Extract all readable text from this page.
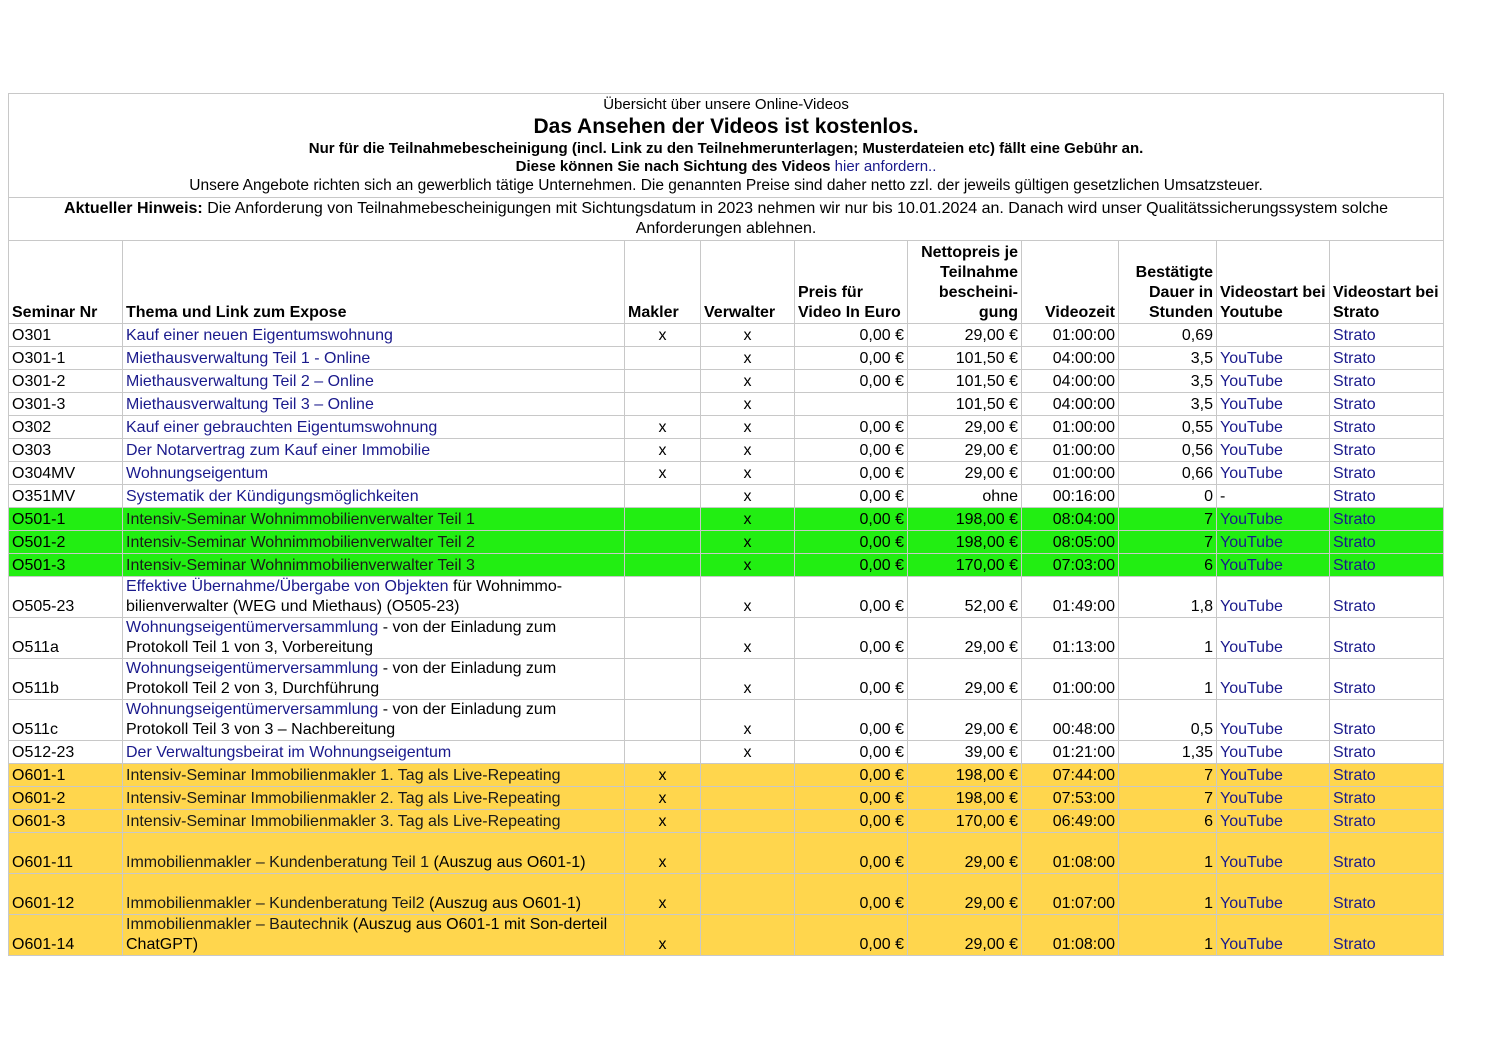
Übersicht über unsere Online-Videos
Das Ansehen der Videos ist kostenlos.
Nur für die Teilnahmebescheinigung (incl. Link zu den Teilnehmerunterlagen; Musterdateien etc) fällt eine Gebühr an.
Diese können Sie nach Sichtung des Videos hier anfordern..
Unsere Angebote richten sich an gewerblich tätige Unternehmen. Die genannten Preise sind daher netto zzl. der jeweils gültigen gesetzlichen Umsatzsteuer.									

Aktueller Hinweis: Die Anforderung von Teilnahmebescheinigungen mit Sichtungsdatum in 2023 nehmen wir nur bis 10.01.2024 an. Danach wird unser Qualitätssicherungssystem solche Anforderungen ablehnen.									
Seminar Nr	Thema und Link zum Expose	Makler	Verwalter	Preis für Video In Euro	Nettopreis je Teilnahme bescheini-gung	Videozeit	Bestätigte Dauer in Stunden	Videostart bei Youtube	Videostart bei Strato
O301	Kauf einer neuen Eigentumswohnung	x	x	0,00 €	29,00 €	01:00:00	0,69		Strato
O301-1	Miethausverwaltung Teil 1 - Online		x	0,00 €	101,50 €	04:00:00	3,5	YouTube	Strato
O301-2	Miethausverwaltung Teil 2 – Online		x	0,00 €	101,50 €	04:00:00	3,5	YouTube	Strato
O301-3	Miethausverwaltung Teil 3 – Online		x		101,50 €	04:00:00	3,5	YouTube	Strato
O302	Kauf einer gebrauchten Eigentumswohnung	x	x	0,00 €	29,00 €	01:00:00	0,55	YouTube	Strato
O303	Der Notarvertrag zum Kauf einer Immobilie	x	x	0,00 €	29,00 €	01:00:00	0,56	YouTube	Strato
O304MV	Wohnungseigentum	x	x	0,00 €	29,00 €	01:00:00	0,66	YouTube	Strato
O351MV	Systematik der Kündigungsmöglichkeiten		x	0,00 €	ohne	00:16:00	0	-	Strato
O501-1	Intensiv-Seminar Wohnimmobilienverwalter Teil 1		x	0,00 €	198,00 €	08:04:00	7	YouTube	Strato
O501-2	Intensiv-Seminar Wohnimmobilienverwalter Teil 2		x	0,00 €	198,00 €	08:05:00	7	YouTube	Strato
O501-3	Intensiv-Seminar Wohnimmobilienverwalter Teil 3		x	0,00 €	170,00 €	07:03:00	6	YouTube	Strato
O505-23	Effektive Übernahme/Übergabe von Objekten für Wohnimmo-bilienverwalter (WEG und Miethaus) (O505-23)		x	0,00 €	52,00 €	01:49:00	1,8	YouTube	Strato
O511a	Wohnungseigentümerversammlung - von der Einladung zum Protokoll Teil 1 von 3, Vorbereitung		x	0,00 €	29,00 €	01:13:00	1	YouTube	Strato
O511b	Wohnungseigentümerversammlung - von der Einladung zum Protokoll Teil 2 von 3, Durchführung		x	0,00 €	29,00 €	01:00:00	1	YouTube	Strato
O511c	Wohnungseigentümerversammlung - von der Einladung zum Protokoll Teil 3 von 3 – Nachbereitung		x	0,00 €	29,00 €	00:48:00	0,5	YouTube	Strato
O512-23	Der Verwaltungsbeirat im Wohnungseigentum		x	0,00 €	39,00 €	01:21:00	1,35	YouTube	Strato
O601-1	Intensiv-Seminar Immobilienmakler 1. Tag als Live-Repeating	x		0,00 €	198,00 €	07:44:00	7	YouTube	Strato
O601-2	Intensiv-Seminar Immobilienmakler 2. Tag als Live-Repeating	x		0,00 €	198,00 €	07:53:00	7	YouTube	Strato
O601-3	Intensiv-Seminar Immobilienmakler 3. Tag als Live-Repeating	x		0,00 €	170,00 €	06:49:00	6	YouTube	Strato
O601-11	Immobilienmakler – Kundenberatung Teil 1 (Auszug aus O601-1)	x		0,00 €	29,00 €	01:08:00	1	YouTube	Strato
O601-12	Immobilienmakler – Kundenberatung Teil2 (Auszug aus O601-1)	x		0,00 €	29,00 €	01:07:00	1	YouTube	Strato
O601-14	Immobilienmakler – Bautechnik (Auszug aus O601-1 mit Son-derteil ChatGPT)	x		0,00 €	29,00 €	01:08:00	1	YouTube	Strato
